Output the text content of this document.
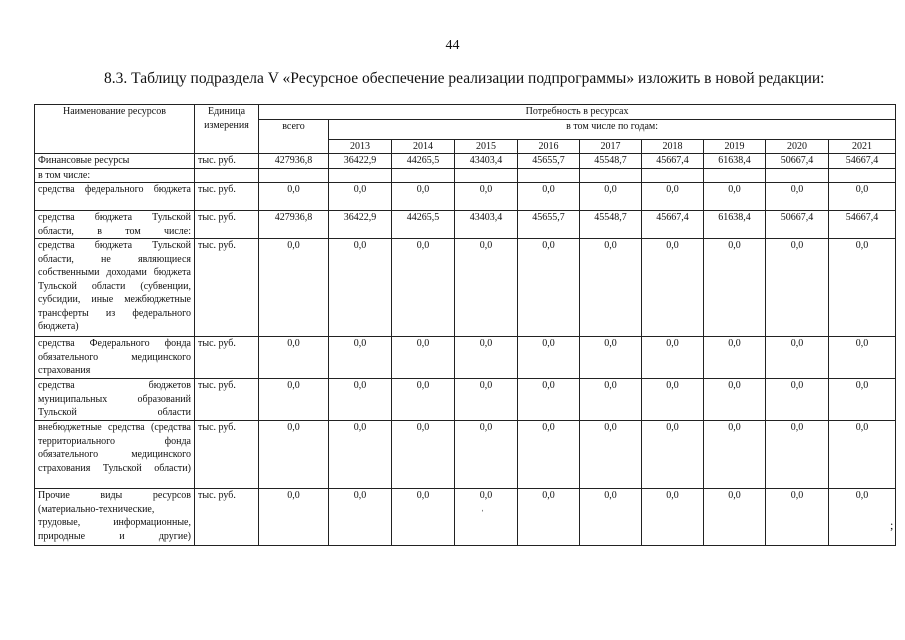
44
8.3. Таблицу подраздела V «Ресурсное обеспечение реализации подпрограммы» изложить в новой редакции:
Наименование ресурсов	Единица измерения	Потребность в ресурсах									
		всего	в том числе по годам:								
			2013	2014	2015	2016	2017	2018	2019	2020	2021
Финансовые ресурсы	тыс. руб.	427936,8	36422,9	44265,5	43403,4	45655,7	45548,7	45667,4	61638,4	50667,4	54667,4
в том числе:											
средства федерального бюджета	тыс. руб.	0,0	0,0	0,0	0,0	0,0	0,0	0,0	0,0	0,0	0,0
средства бюджета Тульской области, в том числе:	тыс. руб.	427936,8	36422,9	44265,5	43403,4	45655,7	45548,7	45667,4	61638,4	50667,4	54667,4
средства бюджета Тульской области, не являющиеся собственными доходами бюджета Тульской области (субвенции, субсидии, иные межбюджетные трансферты из федерального бюджета)	тыс. руб.	0,0	0,0	0,0	0,0	0,0	0,0	0,0	0,0	0,0	0,0
средства Федерального фонда обязательного медицинского страхования	тыс. руб.	0,0	0,0	0,0	0,0	0,0	0,0	0,0	0,0	0,0	0,0
средства бюджетов муниципальных образований Тульской области	тыс. руб.	0,0	0,0	0,0	0,0	0,0	0,0	0,0	0,0	0,0	0,0
внебюджетные средства (средства территориального фонда обязательного медицинского страхования Тульской области)	тыс. руб.	0,0	0,0	0,0	0,0	0,0	0,0	0,0	0,0	0,0	0,0
Прочие виды ресурсов (материально-технические, трудовые, информационные, природные и другие)	тыс. руб.	0,0	0,0	0,0	0,0	0,0	0,0	0,0	0,0	0,0	0,0
ˈ
;
